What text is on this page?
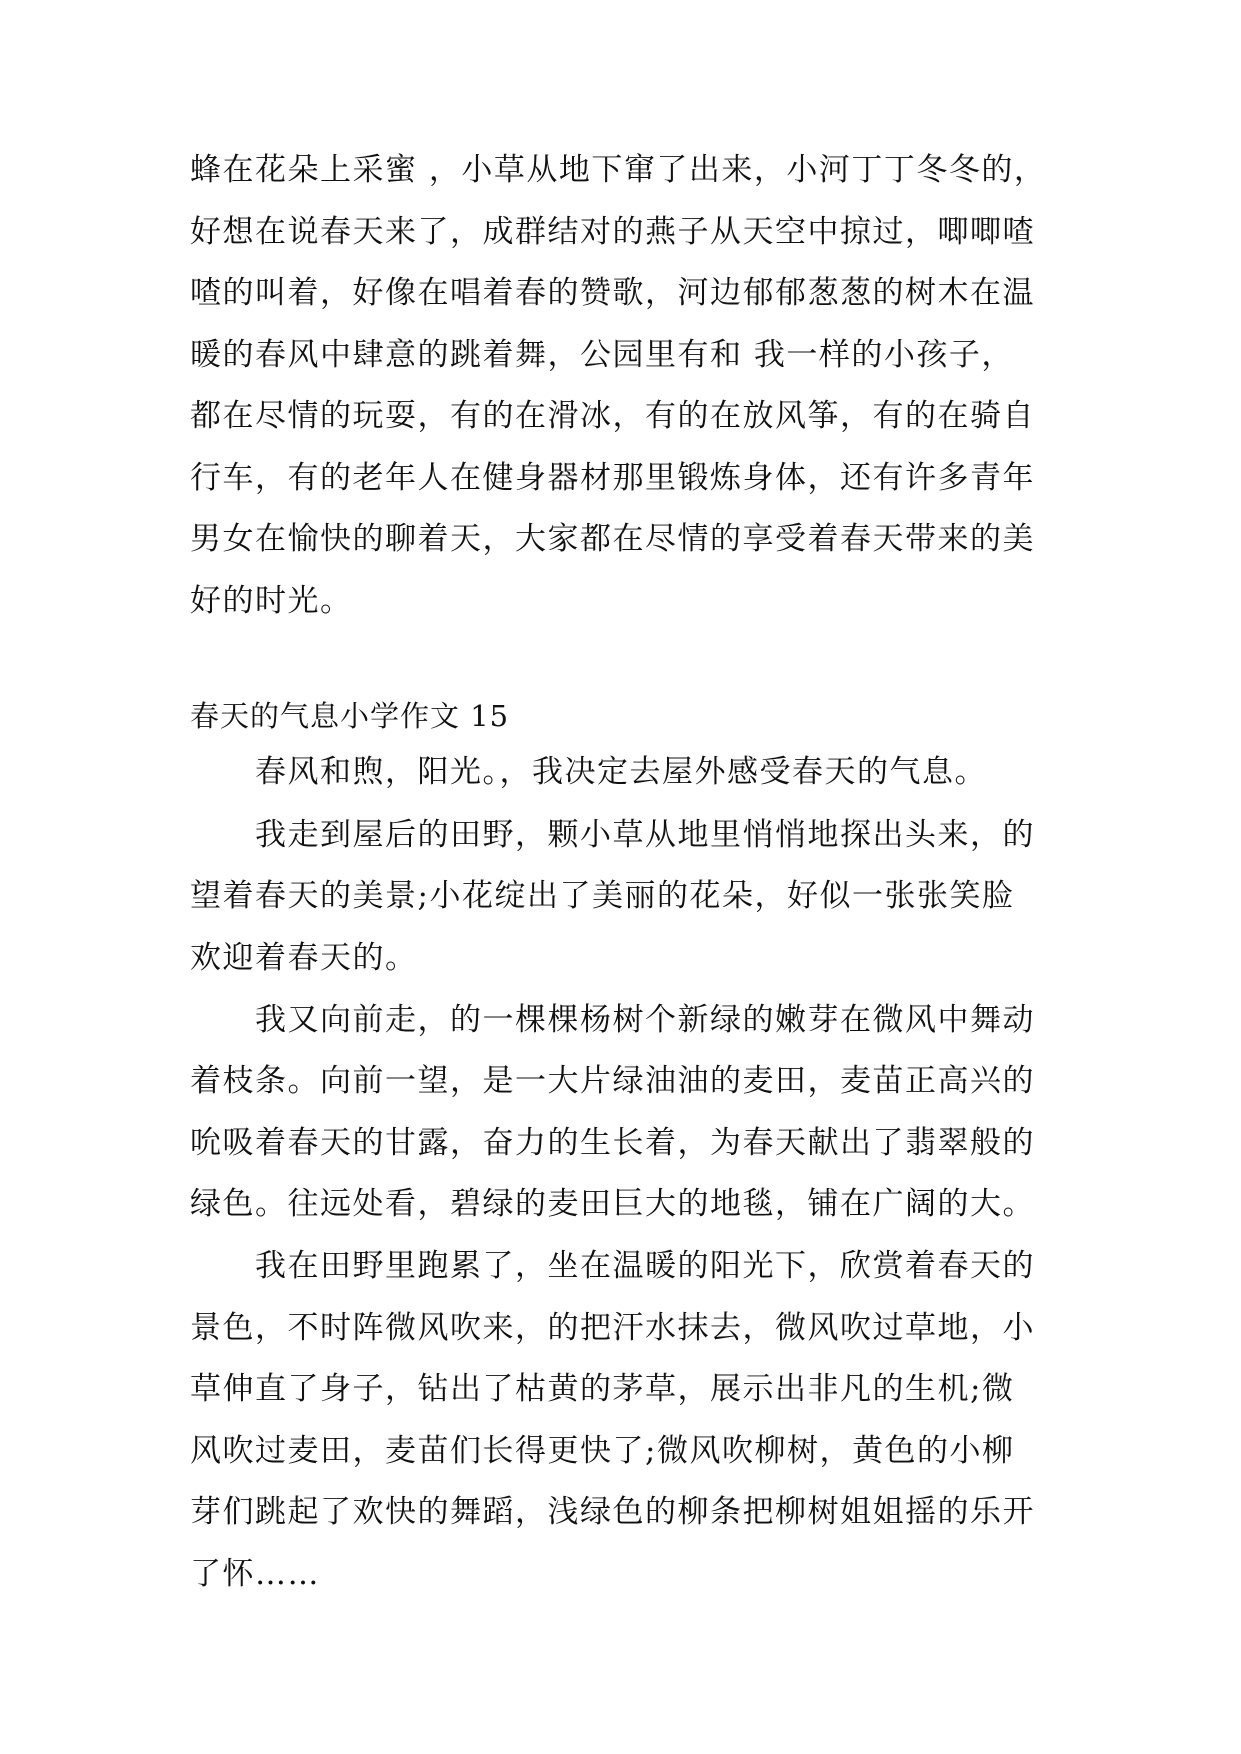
蜂在花朵上采蜜 ，小草从地下窜了出来，小河丁丁冬冬的，
好想在说春天来了，成群结对的燕子从天空中掠过，唧唧喳
喳的叫着，好像在唱着春的赞歌，河边郁郁葱葱的树木在温
暖的春风中肆意的跳着舞，公园里有和 我一样的小孩子，
都在尽情的玩耍，有的在滑冰，有的在放风筝，有的在骑自
行车，有的老年人在健身器材那里锻炼身体，还有许多青年
男女在愉快的聊着天，大家都在尽情的享受着春天带来的美
好的时光。
春天的气息小学作文 15
春风和煦，阳光。，我决定去屋外感受春天的气息。
我走到屋后的田野，颗小草从地里悄悄地探出头来，的
望着春天的美景;小花绽出了美丽的花朵，好似一张张笑脸
欢迎着春天的。
我又向前走，的一棵棵杨树个新绿的嫩芽在微风中舞动
着枝条。向前一望，是一大片绿油油的麦田，麦苗正高兴的
吮吸着春天的甘露，奋力的生长着，为春天献出了翡翠般的
绿色。往远处看，碧绿的麦田巨大的地毯，铺在广阔的大。
我在田野里跑累了，坐在温暖的阳光下，欣赏着春天的
景色，不时阵微风吹来，的把汗水抹去，微风吹过草地，小
草伸直了身子，钻出了枯黄的茅草，展示出非凡的生机;微
风吹过麦田，麦苗们长得更快了;微风吹柳树，黄色的小柳
芽们跳起了欢快的舞蹈，浅绿色的柳条把柳树姐姐摇的乐开
了怀……
